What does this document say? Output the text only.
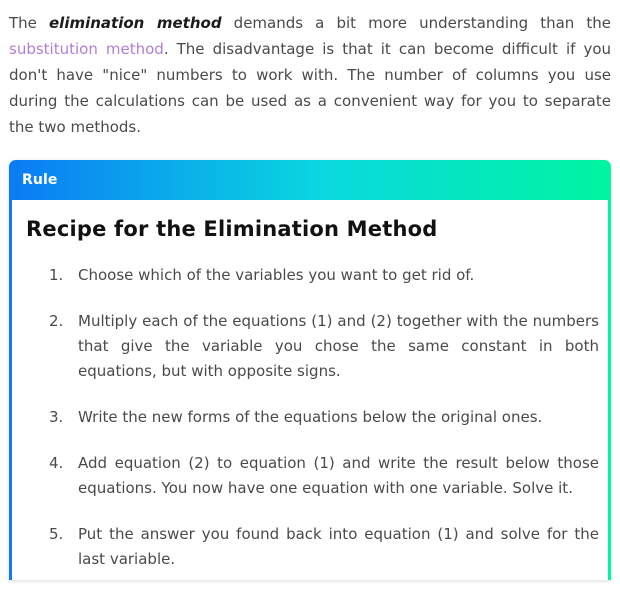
The elimination method demands a bit more understanding than the substitution method. The disadvantage is that it can become difficult if you don't have "nice" numbers to work with. The number of columns you use during the calculations can be used as a convenient way for you to separate the two methods.

Rule
Recipe for the Elimination Method
Choose which of the variables you want to get rid of.
Multiply each of the equations (1) and (2) together with the numbers that give the variable you chose the same constant in both equations, but with opposite signs.
Write the new forms of the equations below the original ones.
Add equation (2) to equation (1) and write the result below those equations. You now have one equation with one variable. Solve it.
Put the answer you found back into equation (1) and solve for the last variable.
